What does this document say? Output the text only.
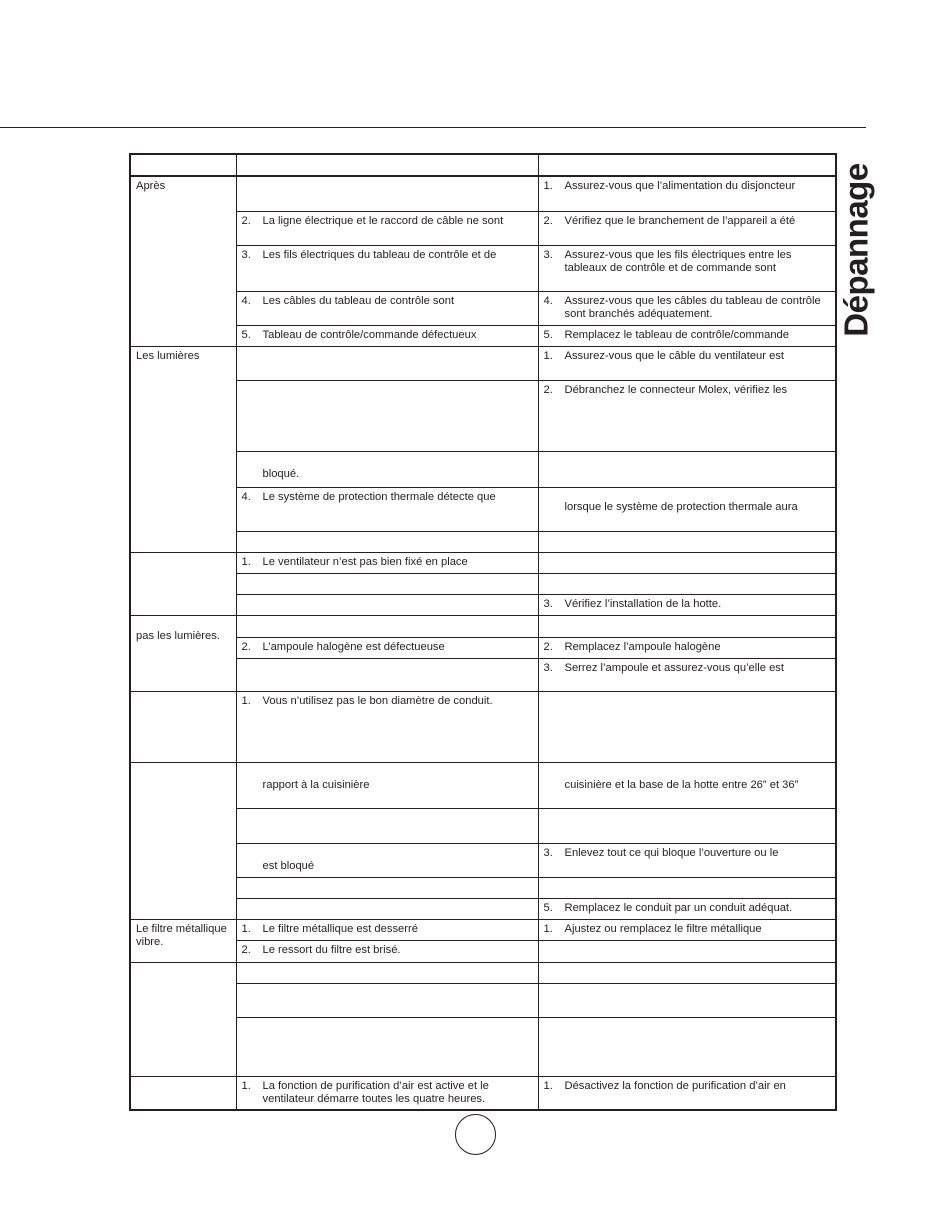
Dépannage

Après		1. Assurez-vous que l’alimentation du disjoncteur

	2. La ligne électrique et le raccord de câble ne sont	2. Vérifiez que le branchement de l’appareil a été

	3. Les fils électriques du tableau de contrôle et de	3. Assurez-vous que les fils électriques entre les tableaux de contrôle et de commande sont

	4. Les câbles du tableau de contrôle sont	4. Assurez-vous que les câbles du tableau de contrôle sont branchés adéquatement.

	5. Tableau de contrôle/commande défectueux	5. Remplacez le tableau de contrôle/commande

Les lumières		1. Assurez-vous que le câble du ventilateur est

		2. Débranchez le connecteur Molex, vérifiez les

	bloqué.	

	4. Le système de protection thermale détecte que	lorsque le système de protection thermale aura

	1. Le ventilateur n’est pas bien fixé en place	

		3. Vérifiez l’installation de la hotte.

pas les lumières.		

	2. L’ampoule halogène est défectueuse	2. Remplacez l’ampoule halogène

		3. Serrez l’ampoule et assurez-vous qu’elle est

	1. Vous n’utilisez pas le bon diamètre de conduit.	

	rapport à la cuisinière	cuisinière et la base de la hotte entre 26” et 36”

	est bloqué	3. Enlevez tout ce qui bloque l’ouverture ou le

		5. Remplacez le conduit par un conduit adéquat.

Le filtre métallique vibre.	1. Le filtre métallique est desserré	1. Ajustez ou remplacez le filtre métallique

	2. Le ressort du filtre est brisé.	

	1. La fonction de purification d’air est active et le ventilateur démarre toutes les quatre heures.	1. Désactivez la fonction de purification d’air en
